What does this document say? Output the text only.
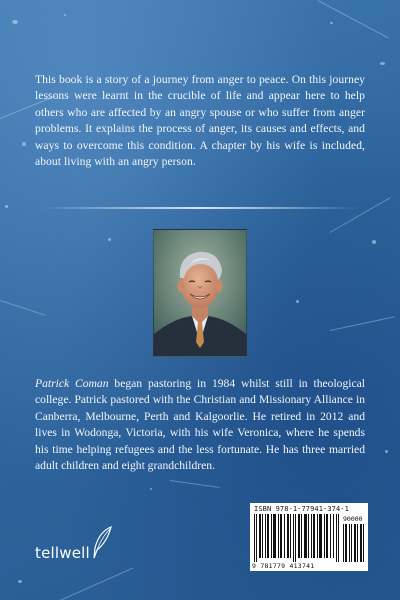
This book is a story of a journey from anger to peace. On this journey lessons were learnt in the crucible of life and appear here to help others who are affected by an angry spouse or who suffer from anger problems. It explains the process of anger, its causes and effects, and ways to overcome this condition. A chapter by his wife is included, about living with an angry person.

Patrick Coman began pastoring in 1984 whilst still in theological college. Patrick pastored with the Christian and Missionary Alliance in Canberra, Melbourne, Perth and Kalgoorlie. He retired in 2012 and lives in Wodonga, Victoria, with his wife Veronica, where he spends his time helping refugees and the less fortunate. He has three married adult children and eight grandchildren.

tellwell
ISBN 978-1-77941-374-1
90000
9 781779 413741
